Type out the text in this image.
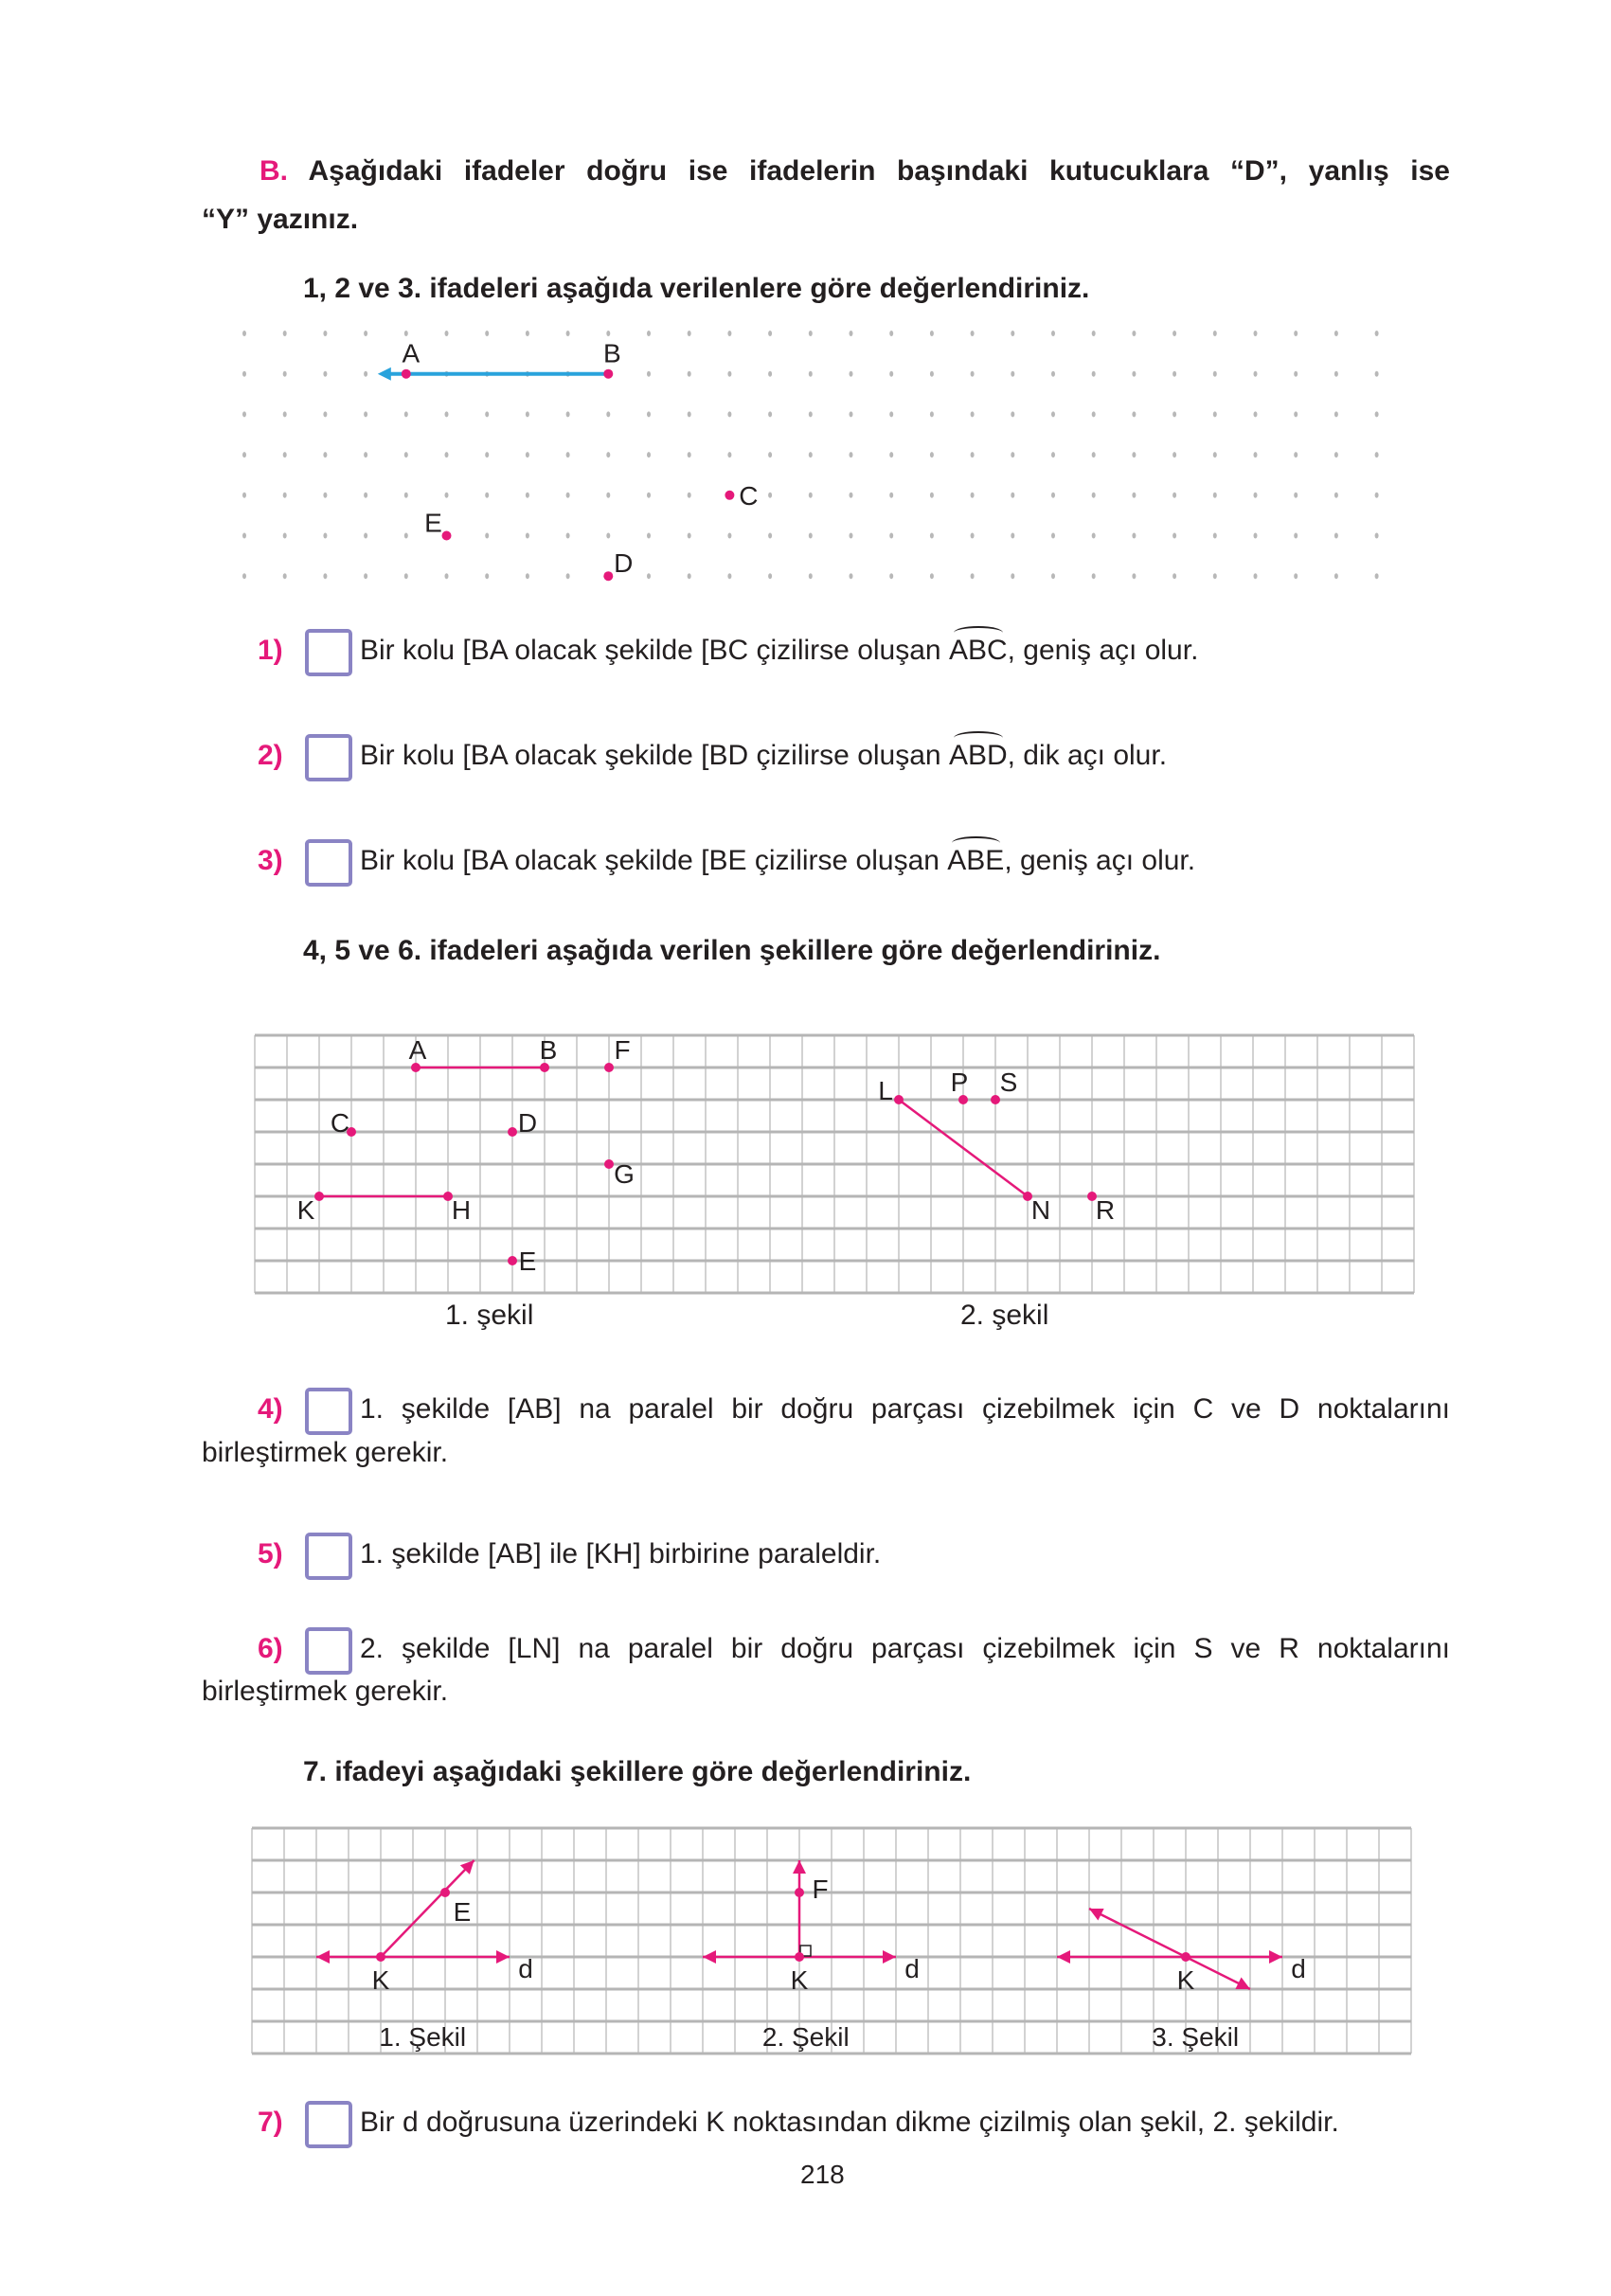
B. Aşağıdaki ifadeler doğru ise ifadelerin başındaki kutucuklara “D”, yanlış ise
“Y” yazınız.
1, 2 ve 3. ifadeleri aşağıda verilenlere göre değerlendiriniz.
A	B
C
E
D
1)	Bir kolu [BA olacak şekilde [BC çizilirse oluşan ABC, geniş açı olur.
2)	Bir kolu [BA olacak şekilde [BD çizilirse oluşan ABD, dik açı olur.
3)	Bir kolu [BA olacak şekilde [BE çizilirse oluşan ABE, geniş açı olur.
4, 5 ve 6. ifadeleri aşağıda verilen şekillere göre değerlendiriniz.
A	B F
C	D
G
K	H
E
L P S
N R
1. şekil	2. şekil
4)	1. şekilde [AB] na paralel bir doğru parçası çizebilmek için C ve D noktalarını
birleştirmek gerekir.
5)	1. şekilde [AB] ile [KH] birbirine paraleldir.
6)	2. şekilde [LN] na paralel bir doğru parçası çizebilmek için S ve R noktalarını
birleştirmek gerekir.
7. ifadeyi aşağıdaki şekillere göre değerlendiriniz.
K
E
d	K
F
d	K	d
1. Şekil	2. Şekil	3. Şekil
7)	Bir d doğrusuna üzerindeki K noktasından dikme çizilmiş olan şekil, 2. şekildir.
218
